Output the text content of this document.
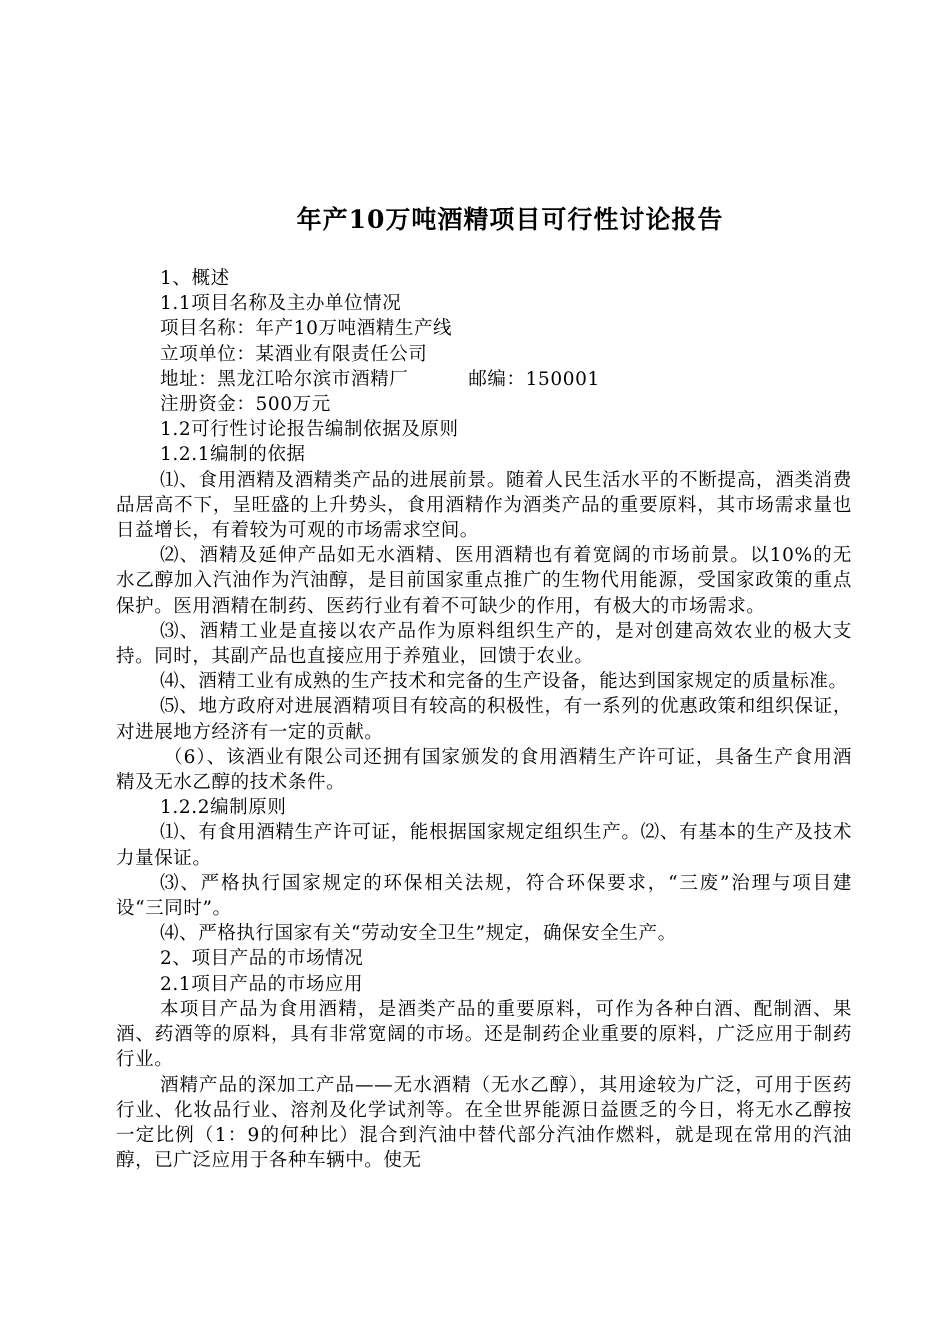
年产10万吨酒精项目可行性讨论报告

1、概述

1.1项目名称及主办单位情况

项目名称：年产10万吨酒精生产线

立项单位：某酒业有限责任公司

地址：黑龙江哈尔滨市酒精厂	邮编：150001

注册资金：500万元

1.2可行性讨论报告编制依据及原则

1.2.1编制的依据

⑴、食用酒精及酒精类产品的进展前景。随着人民生活水平的不断提高，酒类消费品居高不下，呈旺盛的上升势头，食用酒精作为酒类产品的重要原料，其市场需求量也日益增长，有着较为可观的市场需求空间。

⑵、酒精及延伸产品如无水酒精、医用酒精也有着宽阔的市场前景。以10%的无水乙醇加入汽油作为汽油醇，是目前国家重点推广的生物代用能源，受国家政策的重点保护。医用酒精在制药、医药行业有着不可缺少的作用，有极大的市场需求。

⑶、酒精工业是直接以农产品作为原料组织生产的，是对创建高效农业的极大支持。同时，其副产品也直接应用于养殖业，回馈于农业。

⑷、酒精工业有成熟的生产技术和完备的生产设备，能达到国家规定的质量标准。

⑸、地方政府对进展酒精项目有较高的积极性，有一系列的优惠政策和组织保证，对进展地方经济有一定的贡献。

（6）、该酒业有限公司还拥有国家颁发的食用酒精生产许可证，具备生产食用酒精及无水乙醇的技术条件。

1.2.2编制原则

⑴、有食用酒精生产许可证，能根据国家规定组织生产。⑵、有基本的生产及技术力量保证。

⑶、严格执行国家规定的环保相关法规，符合环保要求，“三废”治理与项目建设“三同时”。

⑷、严格执行国家有关“劳动安全卫生”规定，确保安全生产。

2、项目产品的市场情况

2.1项目产品的市场应用

本项目产品为食用酒精，是酒类产品的重要原料，可作为各种白酒、配制酒、果酒、药酒等的原料，具有非常宽阔的市场。还是制药企业重要的原料，广泛应用于制药行业。

酒精产品的深加工产品——无水酒精（无水乙醇），其用途较为广泛，可用于医药行业、化妆品行业、溶剂及化学试剂等。在全世界能源日益匮乏的今日，将无水乙醇按一定比例（1：9的何种比）混合到汽油中替代部分汽油作燃料，就是现在常用的汽油醇，已广泛应用于各种车辆中。使无
